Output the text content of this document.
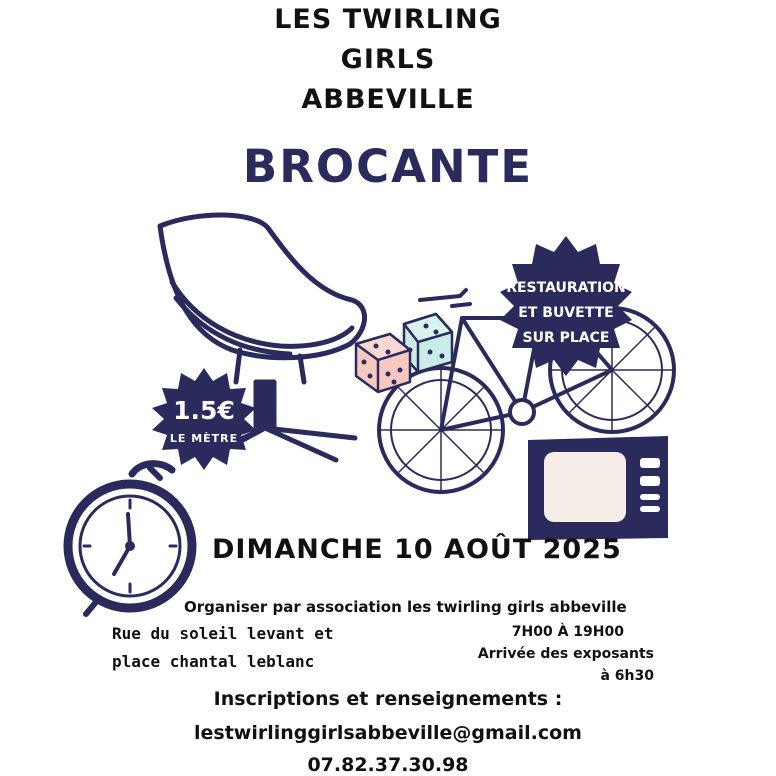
LES TWIRLING
GIRLS
ABBEVILLE
BROCANTE
1.5€
LE MÈTRE
RESTAURATION
ET BUVETTE
SUR PLACE
DIMANCHE 10 AOÛT 2025
Organiser par association les twirling girls abbeville
Rue du soleil levant et
place chantal leblanc
7H00 À 19H00
Arrivée des exposants
à 6h30
Inscriptions et renseignements :
lestwirlinggirlsabbeville@gmail.com
07.82.37.30.98
